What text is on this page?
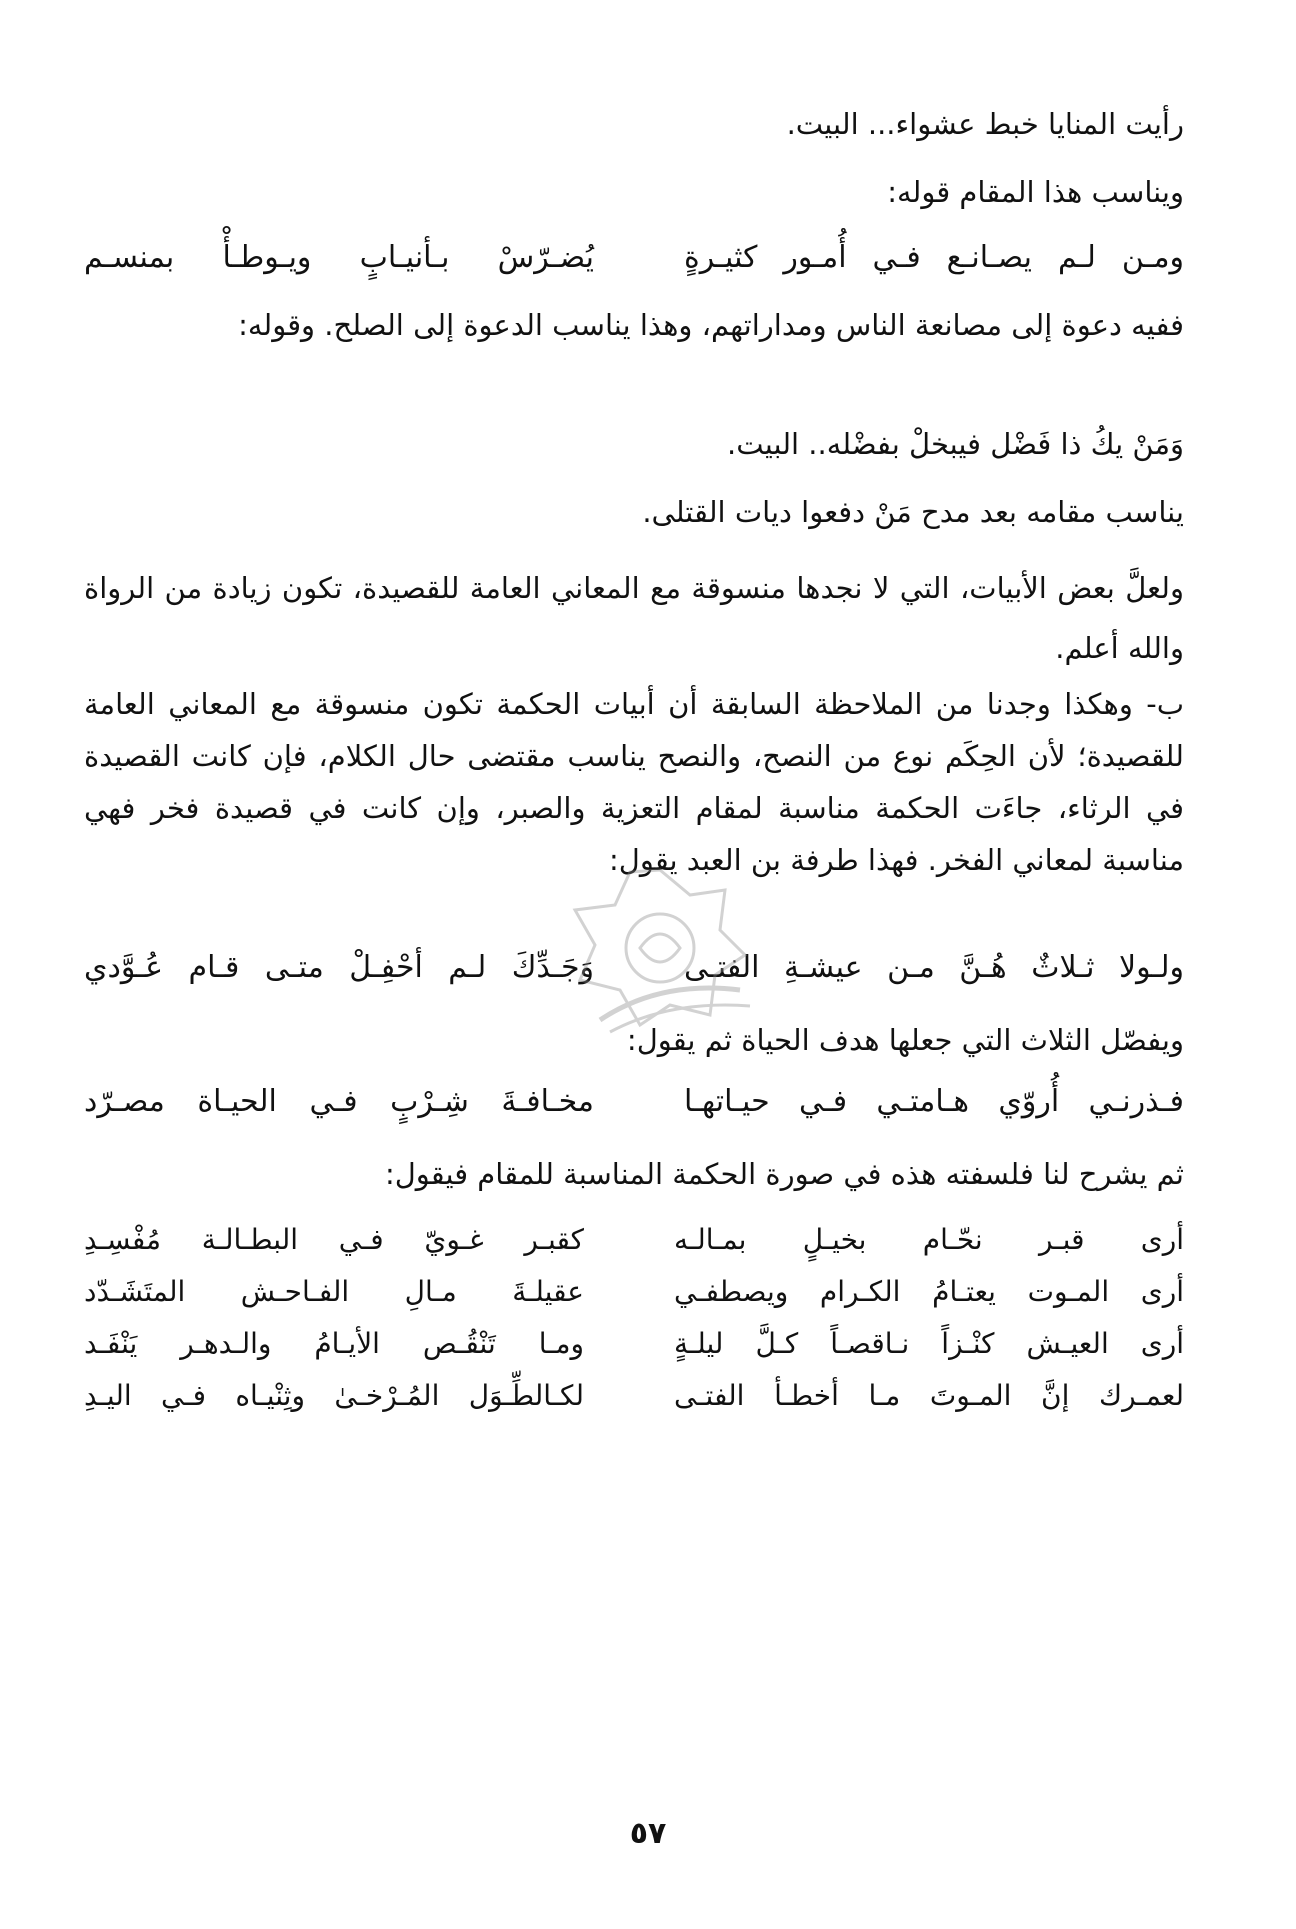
رأيت المنايا خبط عشواء... البيت.
ويناسب هذا المقام قوله:
ومـن لـم يصـانـع فـي أُمـور كثيـرةٍ
يُضـرّسْ بـأنيـابٍ ويـوطـأْ بمنسـم
ففيه دعوة إلى مصانعة الناس ومداراتهم، وهذا يناسب الدعوة إلى الصلح. وقوله:
وَمَنْ يكُ ذا فَضْل فيبخلْ بفضْله.. البيت.
يناسب مقامه بعد مدح مَنْ دفعوا ديات القتلى.
ولعلَّ بعض الأبيات، التي لا نجدها منسوقة مع المعاني العامة للقصيدة، تكون زيادة من الرواة والله أعلم.
ب- وهكذا وجدنا من الملاحظة السابقة أن أبيات الحكمة تكون منسوقة مع المعاني العامة للقصيدة؛ لأن الحِكَم نوع من النصح، والنصح يناسب مقتضى حال الكلام، فإن كانت القصيدة في الرثاء، جاءَت الحكمة مناسبة لمقام التعزية والصبر، وإن كانت في قصيدة فخر فهي مناسبة لمعاني الفخر. فهذا طرفة بن العبد يقول:
ولـولا ثـلاثٌ هُـنَّ مـن عيشـةِ الفتـى
وَجَـدِّكَ لـم أحْفِـلْ متـى قـام عُـوَّدي
ويفصّل الثلاث التي جعلها هدف الحياة ثم يقول:
فـذرنـي أُروّي هـامتـي فـي حيـاتهـا
مخـافـةَ شِـرْبٍ فـي الحيـاة مصـرّد
ثم يشرح لنا فلسفته هذه في صورة الحكمة المناسبة للمقام فيقول:
أرى قبـر نحّـام بخيـلٍ بمـالـه
كقبـر غـويّ فـي البطـالـة مُفْسِـدِ
أرى المـوت يعتـامُ الكـرام ويصطفـي
عقيلـةَ مـالِ الفـاحـش المتَشَـدّد
أرى العيـش كنْـزاً نـاقصـاً كـلَّ ليلـةٍ
ومـا تَنْقُـص الأيـامُ والـدهـر يَنْفَـد
لعمـرك إنَّ المـوتَ مـا أخطـأ الفتـى
لكـالطِّـوَل المُـرْخـىٰ وثِنْيـاه فـي اليـدِ
٥٧
